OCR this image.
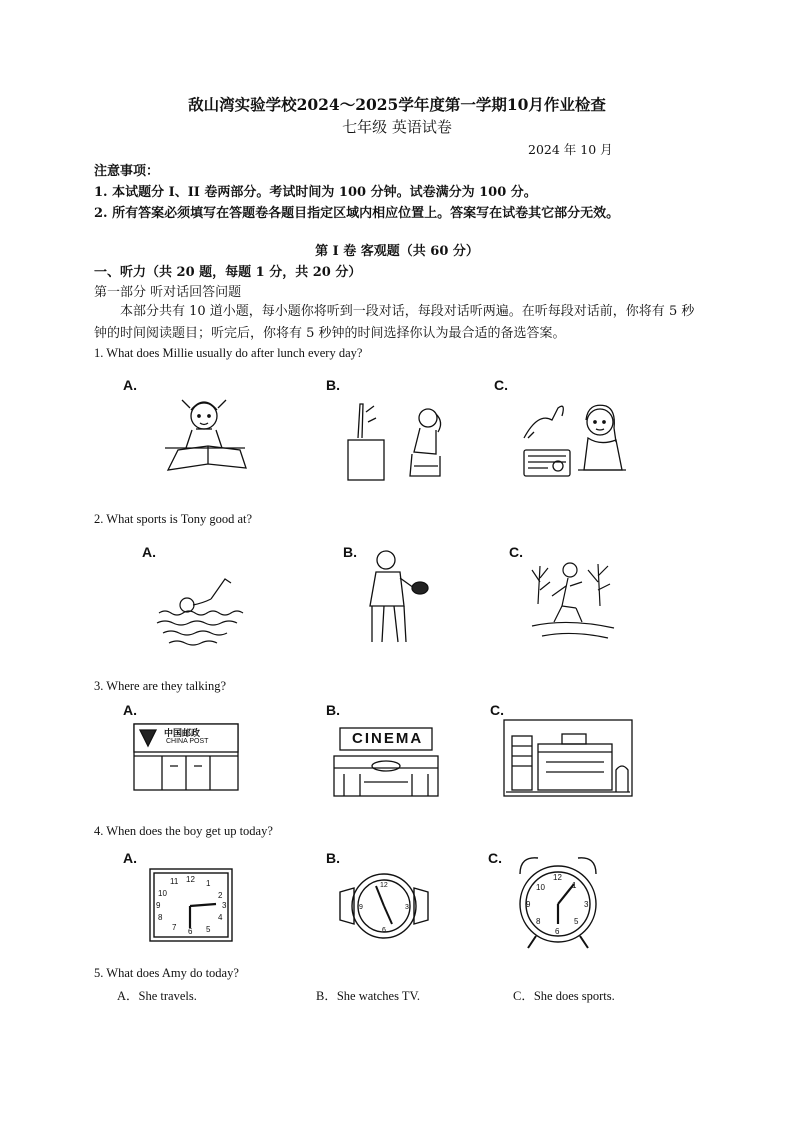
敌山湾实验学校2024～2025学年度第一学期10月作业检查
七年级 英语试卷
2024 年 10 月
注意事项：
1. 本试题分 I、II 卷两部分。考试时间为 100 分钟。试卷满分为 100 分。
2. 所有答案必须填写在答题卷各题目指定区域内相应位置上。答案写在试卷其它部分无效。
第 I 卷 客观题（共 60 分）
一、听力（共 20 题，每题 1 分，共 20 分）
第一部分 听对话回答问题
本部分共有 10 道小题，每小题你将听到一段对话，每段对话听两遍。在听每段对话前，你将有 5 秒钟的时间阅读题目；听完后，你将有 5 秒钟的时间选择你认为最合适的备选答案。
1. What does Millie usually do after lunch every day?
A.	B.	C.
2. What sports is Tony good at?
A.	B.	C.
3. Where are they talking?
A.	B.	C.
中国邮政
CHINA POST	CINEMA
4. When does the boy get up today?
A.	B.	C.
12 1
2
3
4
5
6
7
8
9
10
11	12
3
6
9
12
3
6
9
10	1
5
8
5. What does Amy do today?
A．She travels.	B．She watches TV.	C．She does sports.
